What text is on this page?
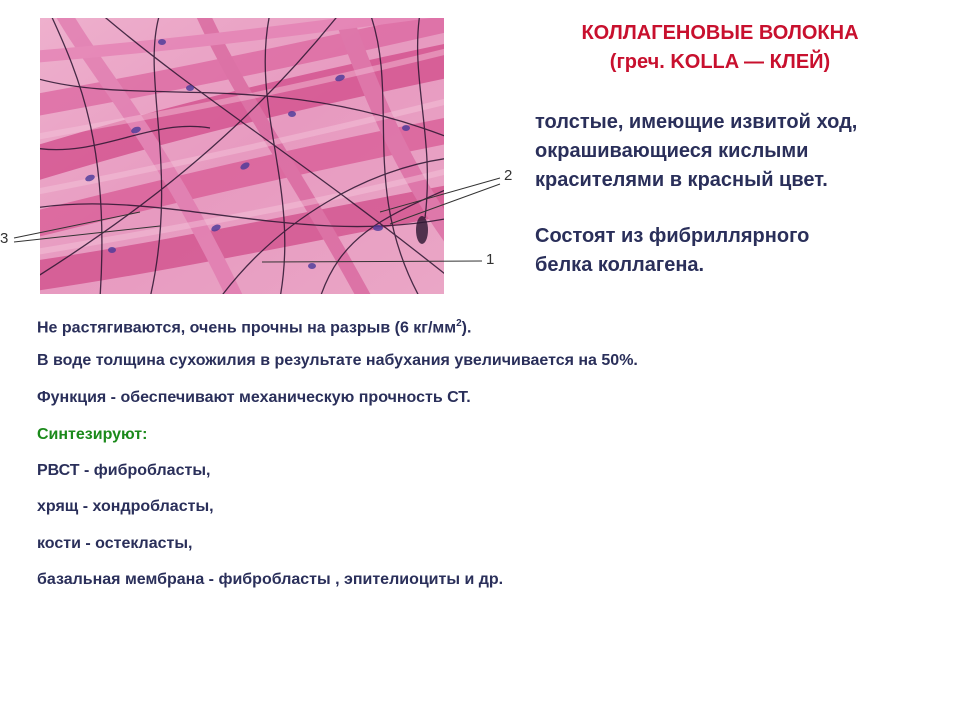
2
1
3
КОЛЛАГЕНОВЫЕ ВОЛОКНА
(греч. KOLLA — КЛЕЙ)
толстые, имеющие извитой ход,
окрашивающиеся кислыми
красителями в красный цвет.
Состоят из фибриллярного
белка коллагена.
Не растягиваются, очень прочны на разрыв (6 $кг/мм^2$).
В воде толщина сухожилия в результате набухания увеличивается на 50%.
Функция - обеспечивают механическую прочность СТ.
Синтезируют:
РВСТ - фибробласты,
хрящ - хондробласты,
кости - остекласты,
базальная мембрана - фибробласты , эпителиоциты и др.
